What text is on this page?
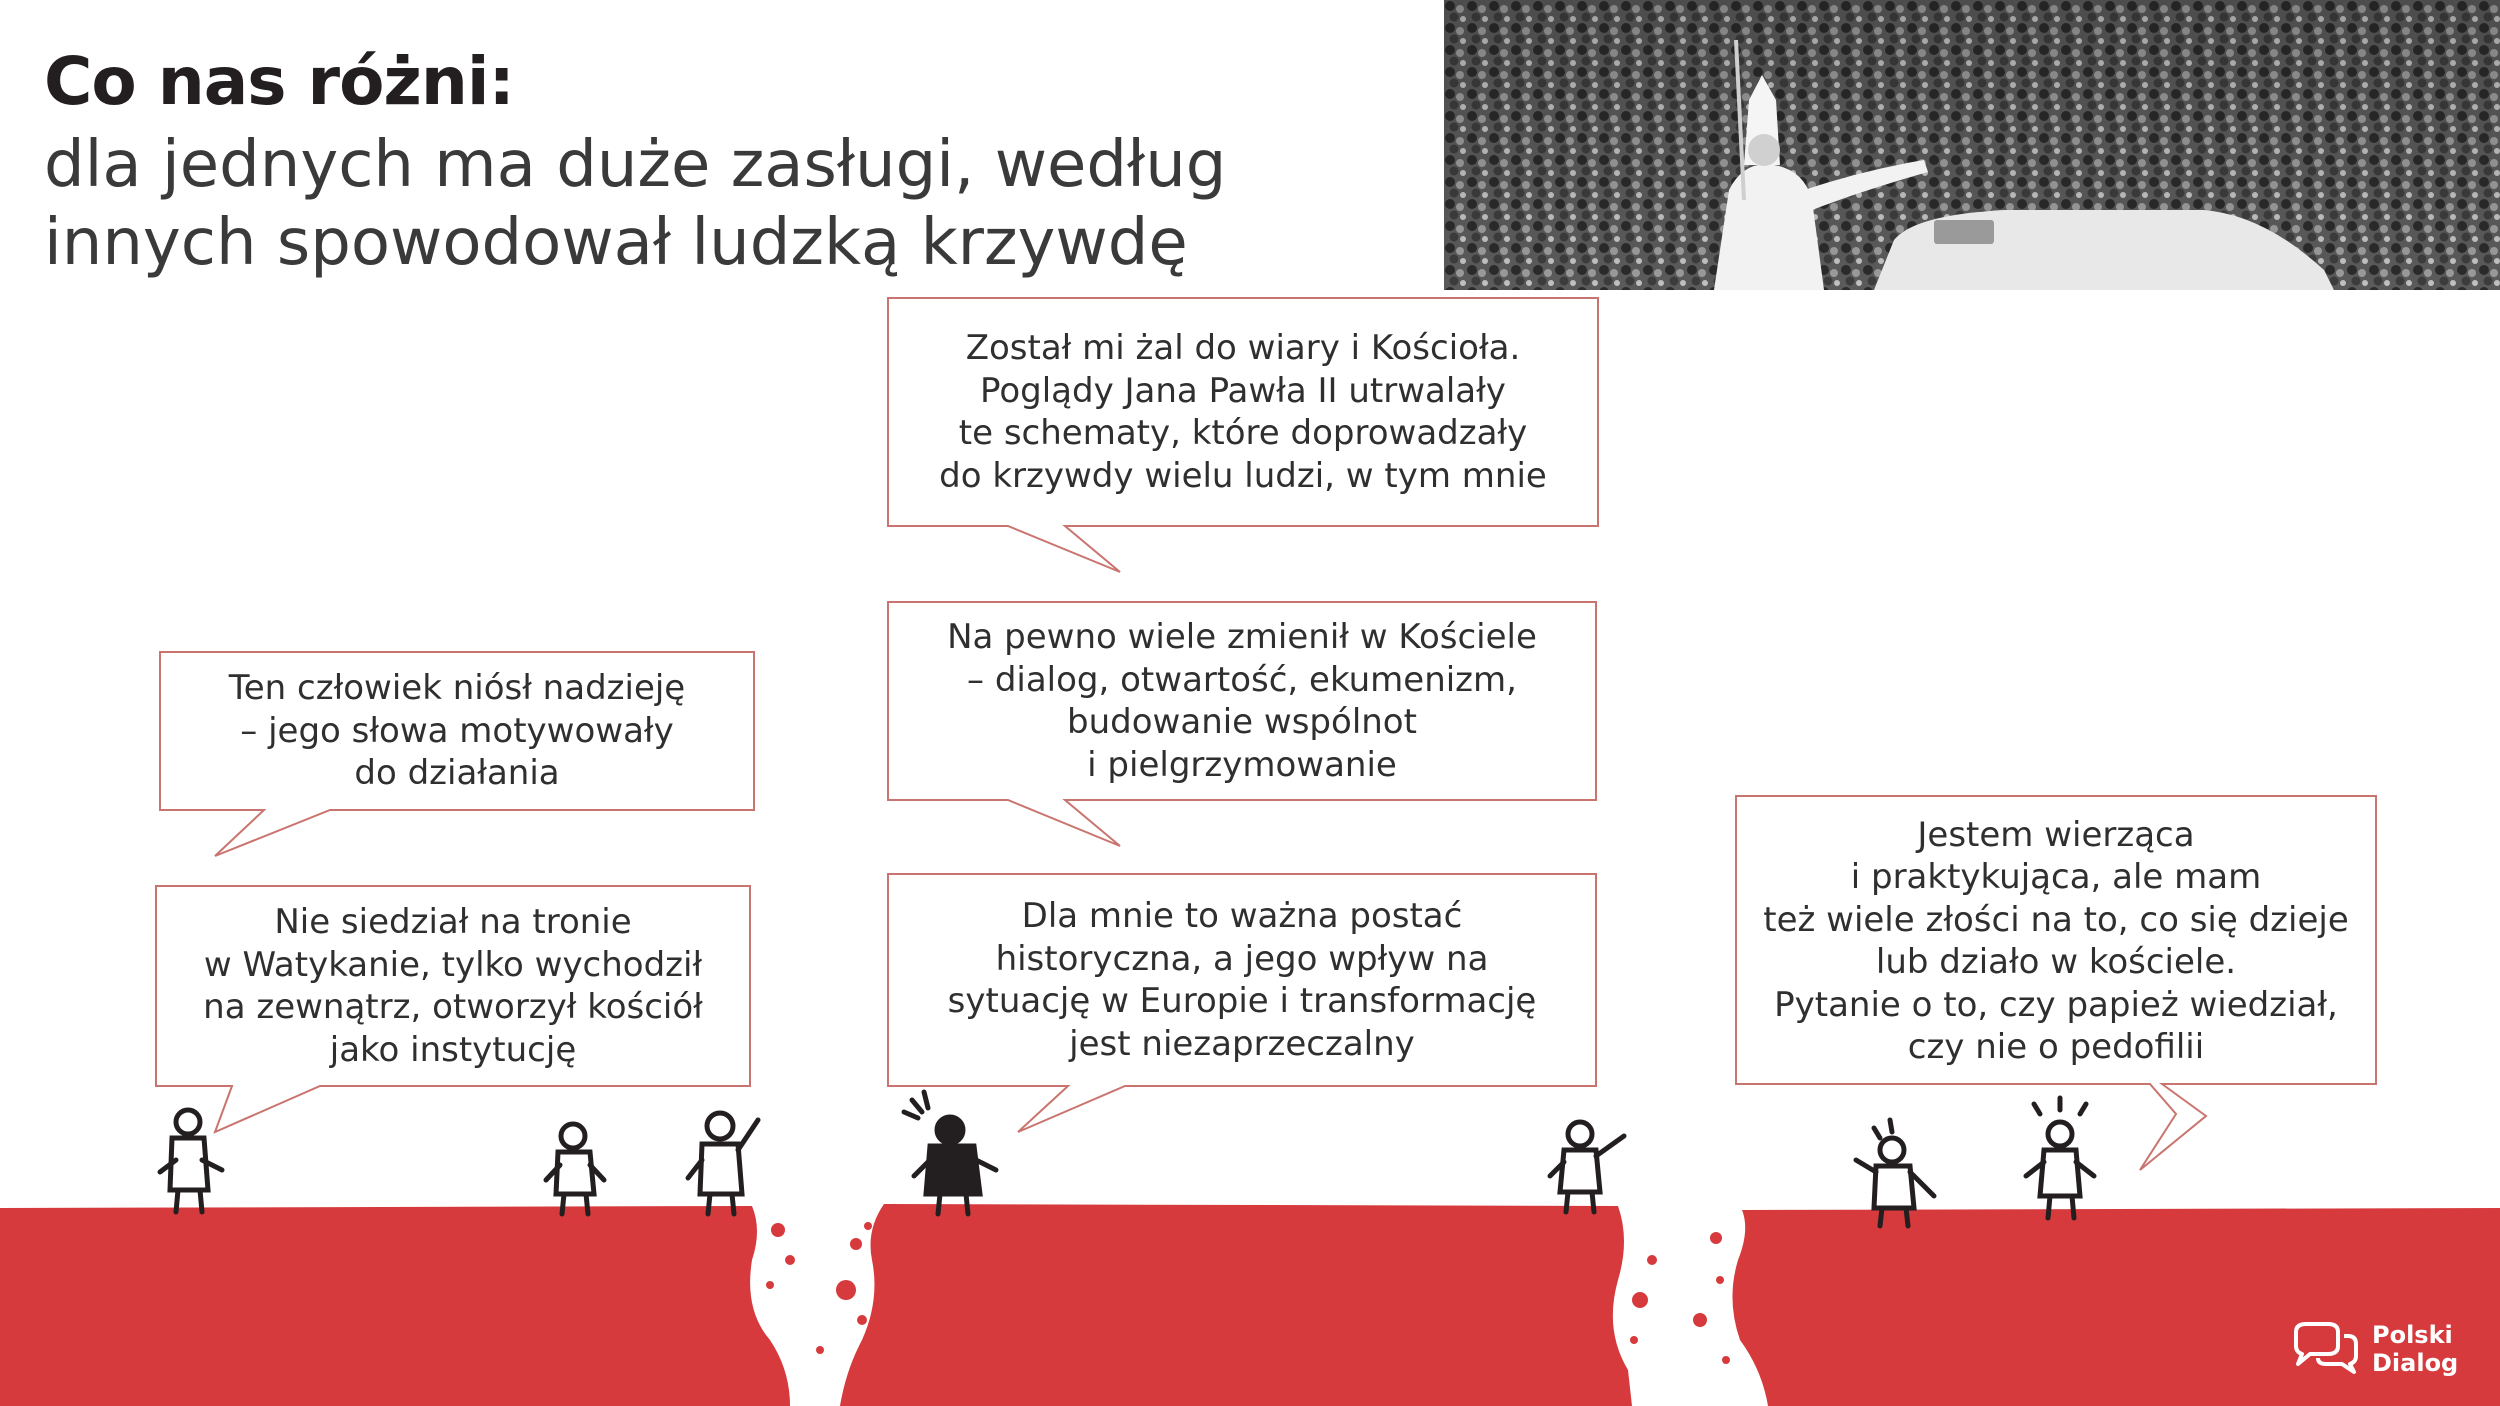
Co nas różni:
dla jednych ma duże zasługi, według innych spowodował ludzką krzywdę
Został mi żal do wiary i Kościoła.
Poglądy Jana Pawła II utrwalały
te schematy, które doprowadzały
do krzywdy wielu ludzi, w tym mnie
Na pewno wiele zmienił w Kościele
– dialog, otwartość, ekumenizm,
budowanie wspólnot
i pielgrzymowanie
Ten człowiek niósł nadzieję
– jego słowa motywowały
do działania
Nie siedział na tronie
w Watykanie, tylko wychodził
na zewnątrz, otworzył kościół
jako instytucję
Dla mnie to ważna postać
historyczna, a jego wpływ na
sytuację w Europie i transformację
jest niezaprzeczalny
Jestem wierząca
i praktykująca, ale mam
też wiele złości na to, co się dzieje
lub działo w kościele.
Pytanie o to, czy papież wiedział,
czy nie o pedofilii
Polski
Dialog
